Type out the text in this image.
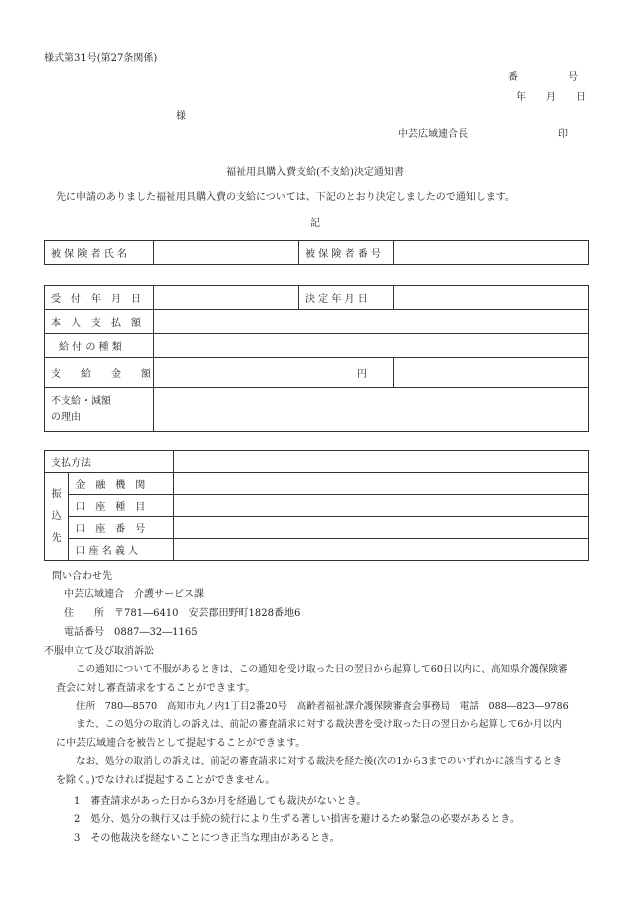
様式第31号(第27条関係)
番　　　　　号
年　　月　　日
様
中芸広域連合長	印
福祉用具購入費支給(不支給)決定通知書
先に申請のありました福祉用具購入費の支給については、下記のとおり決定しましたので通知します。
記
被 保 険 者 氏 名		被 保 険 者 番 号	
受　付　年　月　日		決 定 年 月 日	
本　人　支　払　額			
給 付 の 種 類			
支　　給　　金　　額	円		
不支給・減額
の理由			
支払方法		

振
込
先	金　融　機　関	
	口　座　種　目	
	口　座　番　号	
	口 座 名 義 人	
問い合わせ先
中芸広域連合　介護サービス課
住　　所　〒781―6410　安芸郡田野町1828番地6
電話番号　0887―32―1165
不服申立て及び取消訴訟
この通知について不服があるときは、この通知を受け取った日の翌日から起算して60日以内に、高知県介護保険審
査会に対し審査請求をすることができます。
住所　780―8570　高知市丸ノ内1丁目2番20号　高齢者福祉課介護保険審査会事務局　電話　088―823―9786
また、この処分の取消しの訴えは、前記の審査請求に対する裁決書を受け取った日の翌日から起算して6か月以内
に中芸広域連合を被告として提起することができます。
なお、処分の取消しの訴えは、前記の審査請求に対する裁決を経た後(次の1から3までのいずれかに該当するとき
を除く。)でなければ提起することができません。
1　審査請求があった日から3か月を経過しても裁決がないとき。
2　処分、処分の執行又は手続の続行により生ずる著しい損害を避けるため緊急の必要があるとき。
3　その他裁決を経ないことにつき正当な理由があるとき。
